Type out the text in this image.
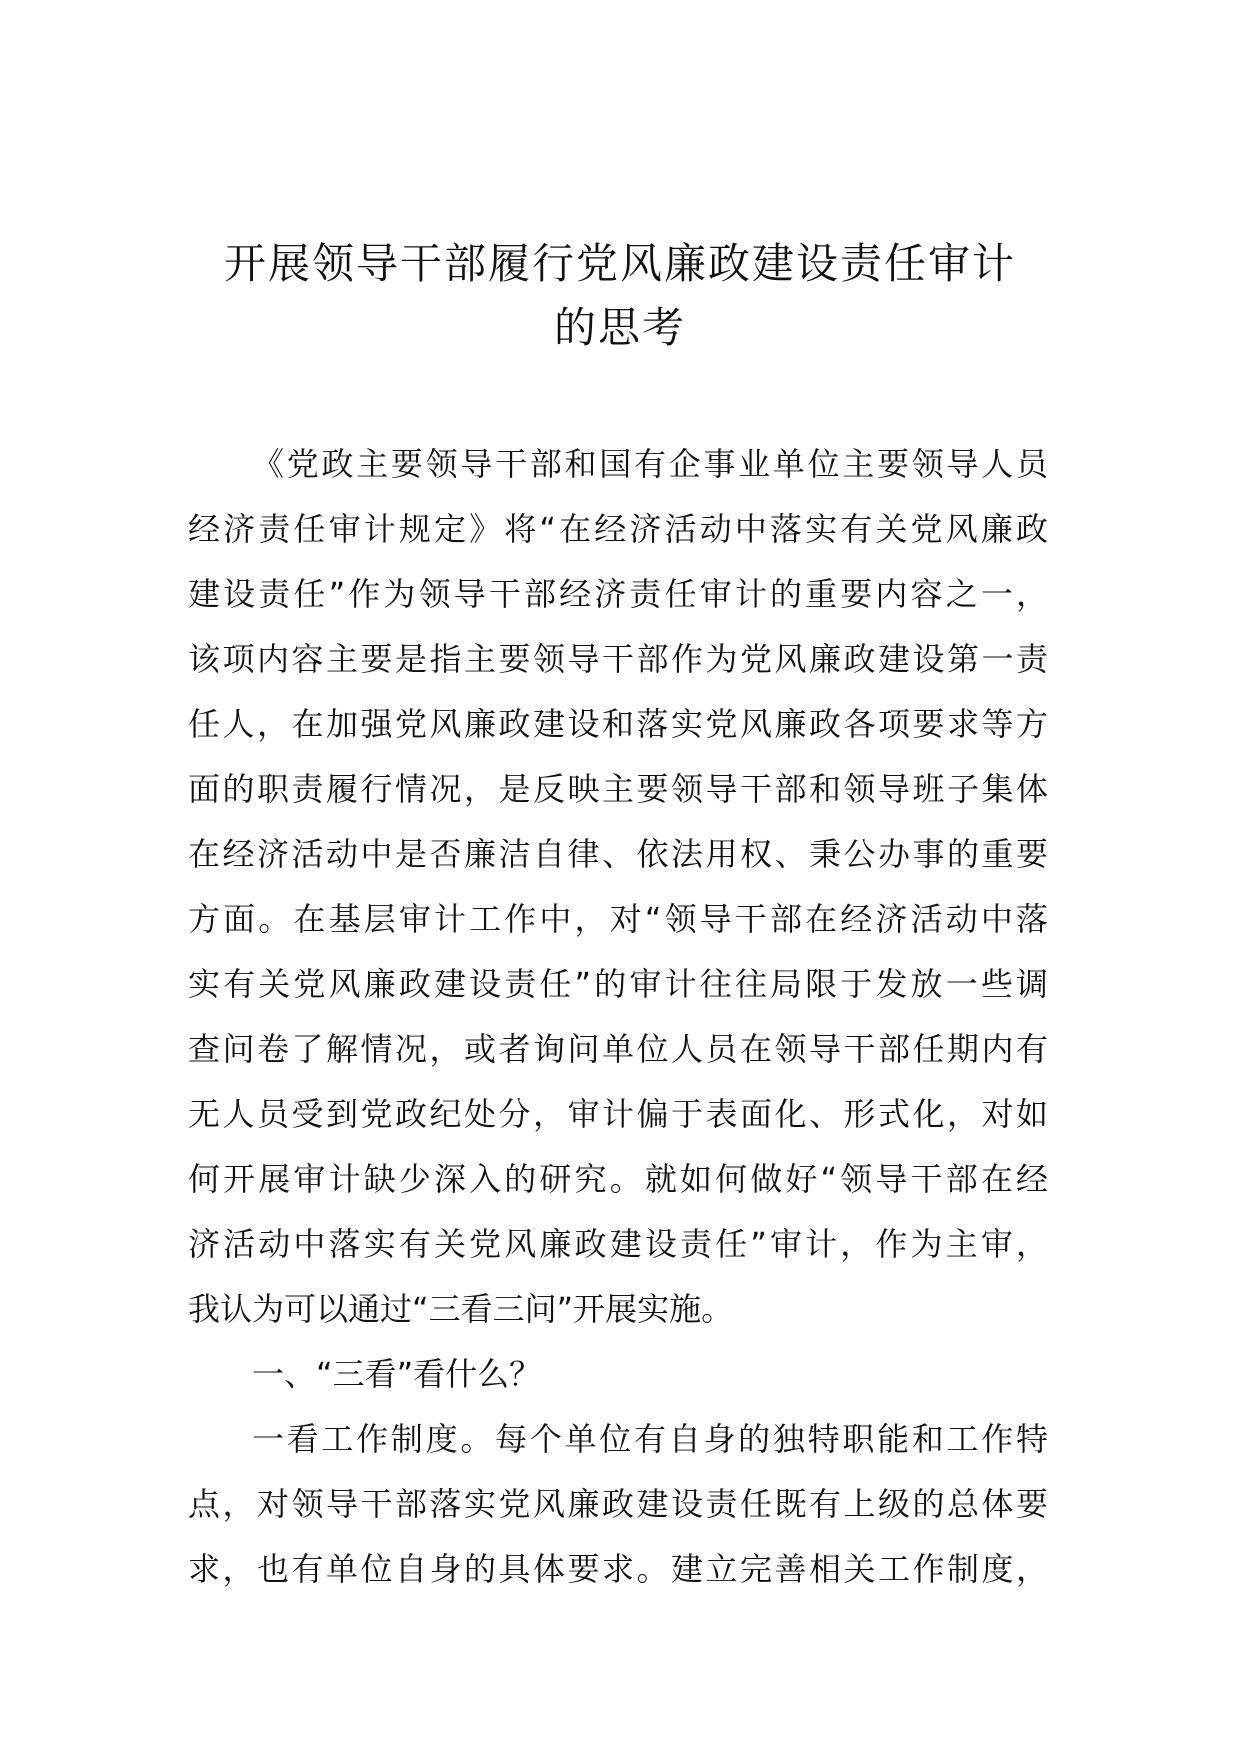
开展领导干部履行党风廉政建设责任审计
的思考
《党政主要领导干部和国有企事业单位主要领导人员
经济责任审计规定》将“在经济活动中落实有关党风廉政
建设责任”作为领导干部经济责任审计的重要内容之一，
该项内容主要是指主要领导干部作为党风廉政建设第一责
任人，在加强党风廉政建设和落实党风廉政各项要求等方
面的职责履行情况，是反映主要领导干部和领导班子集体
在经济活动中是否廉洁自律、依法用权、秉公办事的重要
方面。在基层审计工作中，对“领导干部在经济活动中落
实有关党风廉政建设责任”的审计往往局限于发放一些调
查问卷了解情况，或者询问单位人员在领导干部任期内有
无人员受到党政纪处分，审计偏于表面化、形式化，对如
何开展审计缺少深入的研究。就如何做好“领导干部在经
济活动中落实有关党风廉政建设责任”审计，作为主审，
我认为可以通过“三看三问”开展实施。
一、“三看”看什么？
一看工作制度。每个单位有自身的独特职能和工作特
点，对领导干部落实党风廉政建设责任既有上级的总体要
求，也有单位自身的具体要求。建立完善相关工作制度，
